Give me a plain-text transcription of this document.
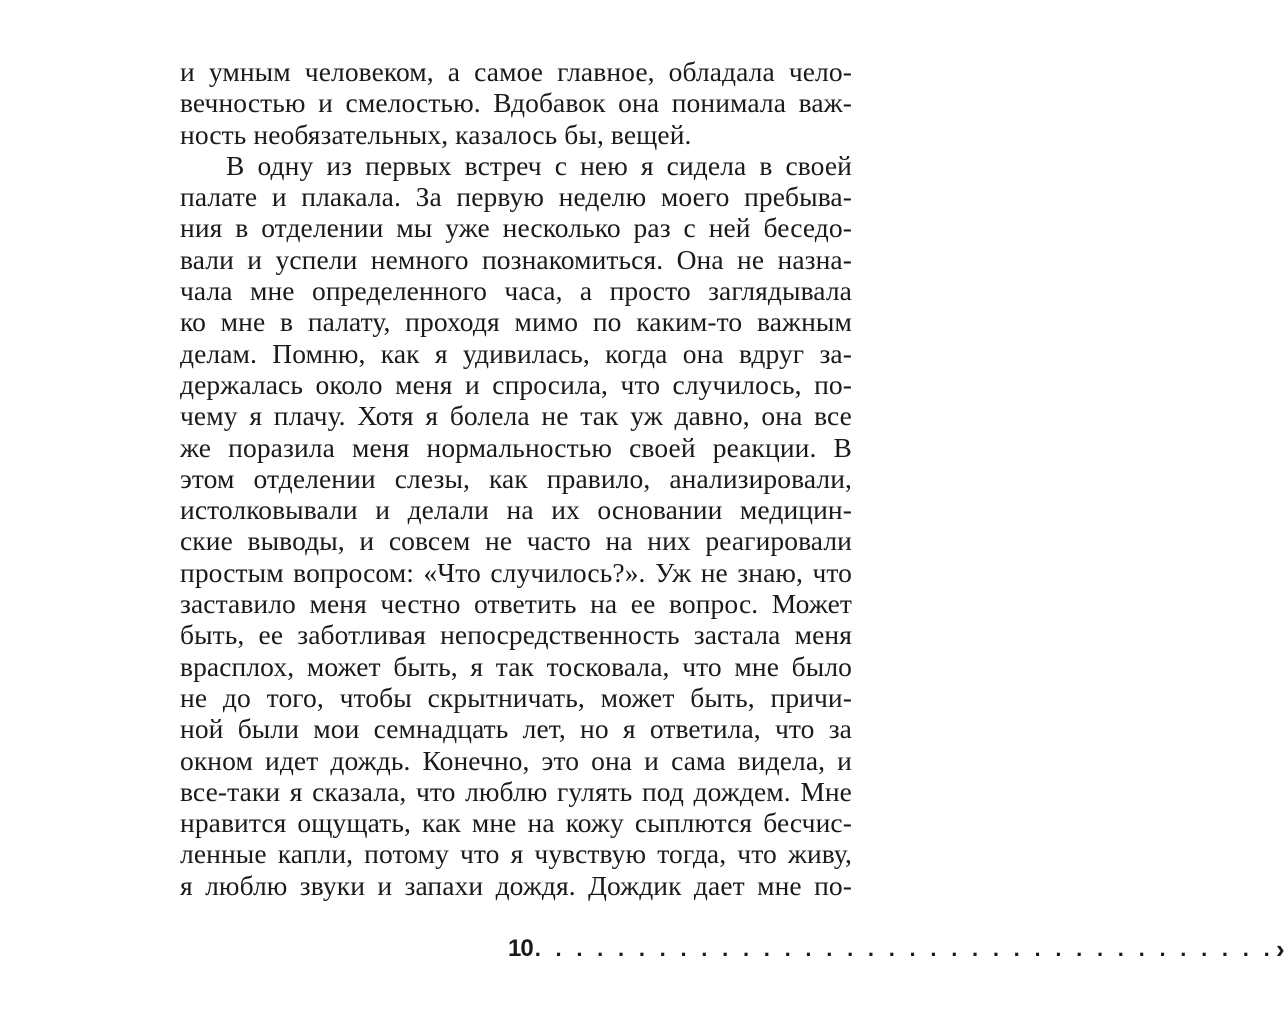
и умным человеком, а самое главное, обладала чело-
вечностью и смелостью. Вдобавок она понимала важ-
ность необязательных, казалось бы, вещей.
В одну из первых встреч с нею я сидела в своей
палате и плакала. За первую неделю моего пребыва-
ния в отделении мы уже несколько раз с ней беседо-
вали и успели немного познакомиться. Она не назна-
чала мне определенного часа, а просто заглядывала
ко мне в палату, проходя мимо по каким-то важным
делам. Помню, как я удивилась, когда она вдруг за-
держалась около меня и спросила, что случилось, по-
чему я плачу. Хотя я болела не так уж давно, она все
же поразила меня нормальностью своей реакции. В
этом отделении слезы, как правило, анализировали,
истолковывали и делали на их основании медицин-
ские выводы, и совсем не часто на них реагировали
простым вопросом: «Что случилось?». Уж не знаю, что
заставило меня честно ответить на ее вопрос. Может
быть, ее заботливая непосредственность застала меня
врасплох, может быть, я так тосковала, что мне было
не до того, чтобы скрытничать, может быть, причи-
ной были мои семнадцать лет, но я ответила, что за
окном идет дождь. Конечно, это она и сама видела, и
все-таки я сказала, что люблю гулять под дождем. Мне
нравится ощущать, как мне на кожу сыплются бесчис-
ленные капли, потому что я чувствую тогда, что живу,
я люблю звуки и запахи дождя. Дождик дает мне по-
10 . . . . . . . . . . . . . . . . . . . . . . . . . . . . . . . . . . . . ›
